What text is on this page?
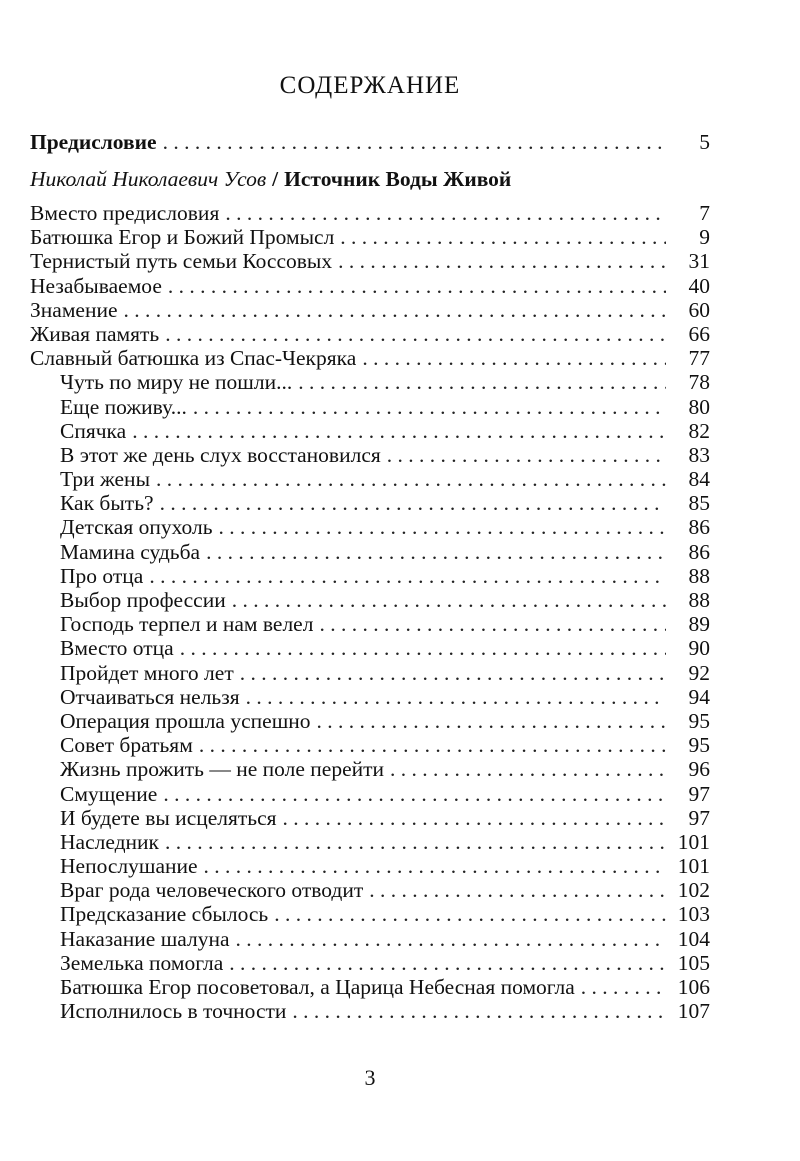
СОДЕРЖАНИЕ
Предисловие . . .	5
Николай Николаевич Усов / Источник Воды Живой
Вместо предисловия . . .	7
Батюшка Егор и Божий Промысл . . .	9
Тернистый путь семьи Коссовых . . .	31
Незабываемое . . .	40
Знамение . . .	60
Живая память . . .	66
Славный батюшка из Спас-Чекряка . . .	77
Чуть по миру не пошли... . . .	78
Еще поживу... . . .	80
Спячка . . .	82
В этот же день слух восстановился . . .	83
Три жены . . .	84
Как быть? . . .	85
Детская опухоль . . .	86
Мамина судьба . . .	86
Про отца . . .	88
Выбор профессии . . .	88
Господь терпел и нам велел . . .	89
Вместо отца . . .	90
Пройдет много лет . . .	92
Отчаиваться нельзя . . .	94
Операция прошла успешно . . .	95
Совет братьям . . .	95
Жизнь прожить — не поле перейти . . .	96
Смущение . . .	97
И будете вы исцеляться . . .	97
Наследник . . .	101
Непослушание . . .	101
Враг рода человеческого отводит . . .	102
Предсказание сбылось . . .	103
Наказание шалуна . . .	104
Земелька помогла . . .	105
Батюшка Егор посоветовал, а Царица Небесная помогла . . .	106
Исполнилось в точности . . .	107
3
